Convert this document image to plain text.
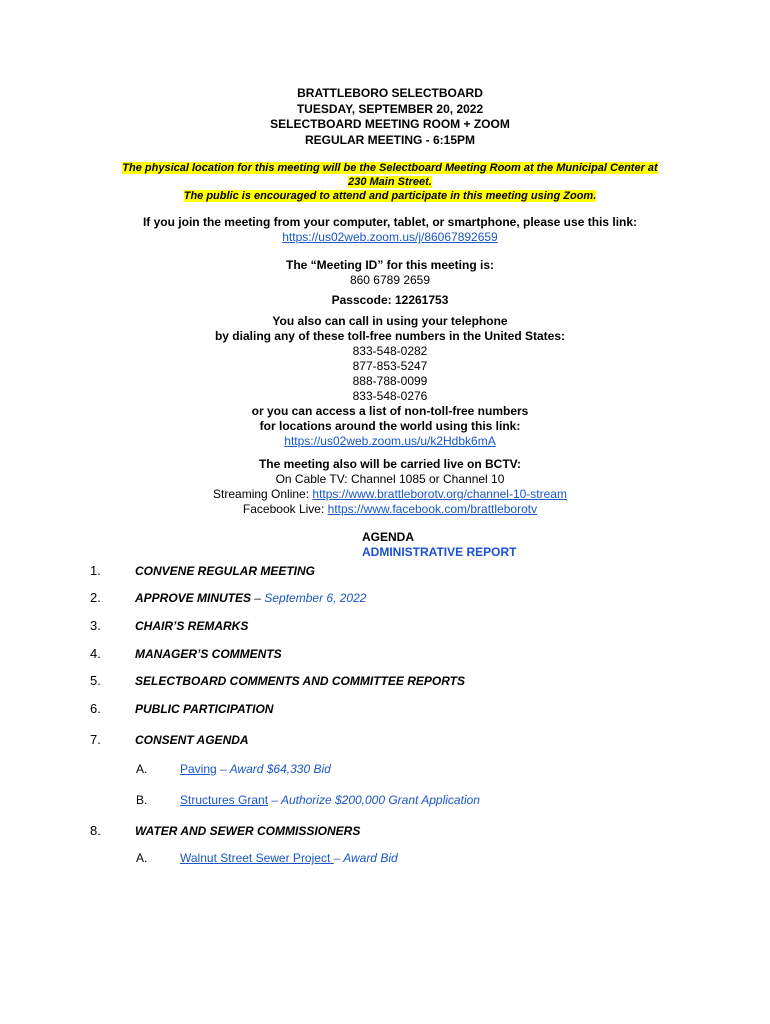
BRATTLEBORO SELECTBOARD
TUESDAY, SEPTEMBER 20, 2022
SELECTBOARD MEETING ROOM + ZOOM
REGULAR MEETING - 6:15PM
The physical location for this meeting will be the Selectboard Meeting Room at the Municipal Center at
230 Main Street.
The public is encouraged to attend and participate in this meeting using Zoom.
If you join the meeting from your computer, tablet, or smartphone, please use this link:
https://us02web.zoom.us/j/86067892659
The “Meeting ID” for this meeting is:
860 6789 2659
Passcode: 12261753
You also can call in using your telephone
by dialing any of these toll-free numbers in the United States:
833-548-0282
877-853-5247
888-788-0099
833-548-0276
or you can access a list of non-toll-free numbers
for locations around the world using this link:
https://us02web.zoom.us/u/k2Hdbk6mA
The meeting also will be carried live on BCTV:
On Cable TV: Channel 1085 or Channel 10
Streaming Online: https://www.brattleborotv.org/channel-10-stream
Facebook Live: https://www.facebook.com/brattleborotv
AGENDA
ADMINISTRATIVE REPORT
1.	CONVENE REGULAR MEETING
2.	APPROVE MINUTES – September 6, 2022
3.	CHAIR’S REMARKS
4.	MANAGER’S COMMENTS
5.	SELECTBOARD COMMENTS AND COMMITTEE REPORTS
6.	PUBLIC PARTICIPATION
7.	CONSENT AGENDA
A.	Paving – Award $64,330 Bid
B.	Structures Grant – Authorize $200,000 Grant Application
8.	WATER AND SEWER COMMISSIONERS
A.	Walnut Street Sewer Project – Award Bid
